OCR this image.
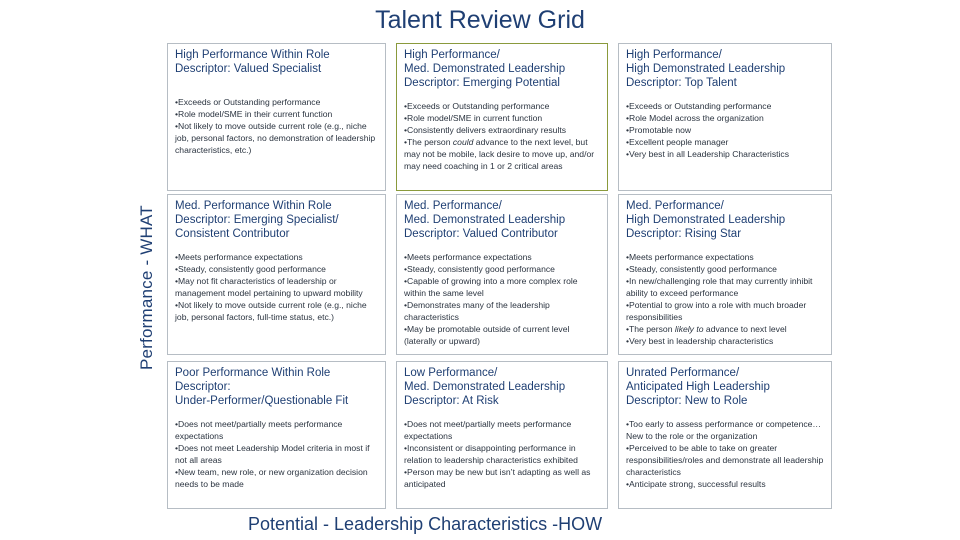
Talent Review Grid
Performance - WHAT
Potential - Leadership Characteristics -HOW
High Performance Within Role
Descriptor: Valued Specialist
•Exceeds or Outstanding performance
•Role model/SME in their current function
•Not likely to move outside current role (e.g., niche job, personal factors, no demonstration of leadership characteristics, etc.)
High Performance/
Med. Demonstrated Leadership
Descriptor: Emerging Potential
•Exceeds or Outstanding performance
•Role model/SME in current function
•Consistently delivers extraordinary results
•The person could advance to the next level, but may not be mobile, lack desire to move up, and/or may need coaching in 1 or 2 critical areas
High Performance/
High Demonstrated Leadership
Descriptor: Top Talent
•Exceeds or Outstanding performance
•Role Model across the organization
•Promotable now
•Excellent people manager
•Very best in all Leadership Characteristics
Med. Performance Within Role
Descriptor: Emerging Specialist/
Consistent Contributor
•Meets performance expectations
•Steady, consistently good performance
•May not fit characteristics of leadership or management model pertaining to upward mobility
•Not likely to move outside current role (e.g., niche job, personal factors, full-time status, etc.)
Med. Performance/
Med. Demonstrated Leadership
Descriptor: Valued Contributor
•Meets performance expectations
•Steady, consistently good performance
•Capable of growing into a more complex role within the same level
•Demonstrates many of the leadership characteristics
•May be promotable outside of current level (laterally or upward)
Med. Performance/
High Demonstrated Leadership
Descriptor: Rising Star
•Meets performance expectations
•Steady, consistently good performance
•In new/challenging role that may currently inhibit ability to exceed performance
•Potential to grow into a role with much broader responsibilities
•The person likely to advance to next level
•Very best in leadership characteristics
Poor Performance Within Role
Descriptor:
Under-Performer/Questionable Fit
•Does not meet/partially meets performance expectations
•Does not meet Leadership Model criteria in most if not all areas
•New team, new role, or new organization decision needs to be made
Low Performance/
Med. Demonstrated Leadership
Descriptor: At Risk
•Does not meet/partially meets performance expectations
•Inconsistent or disappointing performance in relation to leadership characteristics exhibited
•Person may be new but isn’t adapting as well as anticipated
Unrated Performance/
Anticipated High Leadership
Descriptor: New to Role
•Too early to assess performance or competence… New to the role or the organization
•Perceived to be able to take on greater responsibilities/roles and demonstrate all leadership characteristics
•Anticipate strong, successful results
